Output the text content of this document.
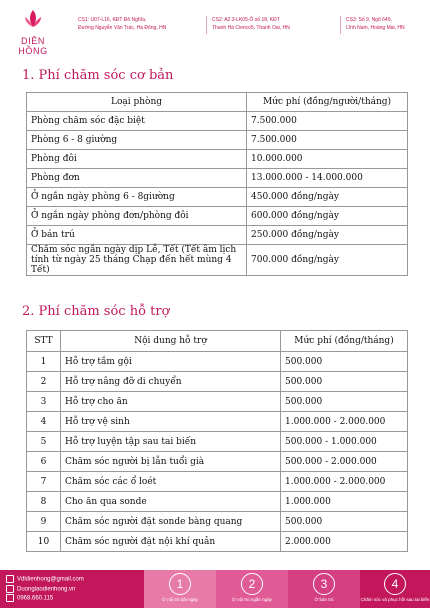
DIÊN HỒNG
CS1: U07-L16, KĐT Đô Nghĩa,
Đường Nguyễn Văn Trác, Hà Đông, HN
CS2: A2.3-LK05-Ô số 18, KĐT
Thanh Hà Cienco5, Thanh Oai, HN
CS3: Số 9, Ngõ 649,
Lĩnh Nam, Hoàng Mai, HN
1. Phí chăm sóc cơ bản
Loại phòng	Mức phí (đồng/người/tháng)
Phòng chăm sóc đặc biệt	7.500.000
Phòng 6 - 8 giường	7.500.000
Phòng đôi	10.000.000
Phòng đơn	13.000.000 - 14.000.000
Ở ngắn ngày phòng 6 - 8giường	450.000 đồng/ngày
Ở ngắn ngày phòng đơn/phòng đôi	600.000 đồng/ngày
Ở bán trú	250.000 đồng/ngày
Chăm sóc ngắn ngày dịp Lễ, Tết (Tết âm lịch tính từ ngày 25 tháng Chạp đến hết mùng 4 Tết)	700.000 đồng/ngày
2. Phí chăm sóc hỗ trợ
STT	Nội dung hỗ trợ	Mức phí (đồng/tháng)
1	Hỗ trợ tắm gội	500.000
2	Hỗ trợ nâng đỡ di chuyển	500.000
3	Hỗ trợ cho ăn	500.000
4	Hỗ trợ vệ sinh	1.000.000 - 2.000.000
5	Hỗ trợ luyện tập sau tai biến	500.000 - 1.000.000
6	Chăm sóc người bị lẫn tuổi già	500.000 - 2.000.000
7	Chăm sóc các ổ loét	1.000.000 - 2.000.000
8	Cho ăn qua sonde	1.000.000
9	Chăm sóc người đặt sonde bàng quang	500.000
10	Chăm sóc người đặt nội khí quản	2.000.000
Vdldienhong@gmail.com
Duonglaodienhong.vn
0968.660.115
1
Ở nội trú dài ngày
2
Ở nội trú ngắn ngày
3
Ở bán trú
4
Chăm sóc và phục hồi sau tai biến
